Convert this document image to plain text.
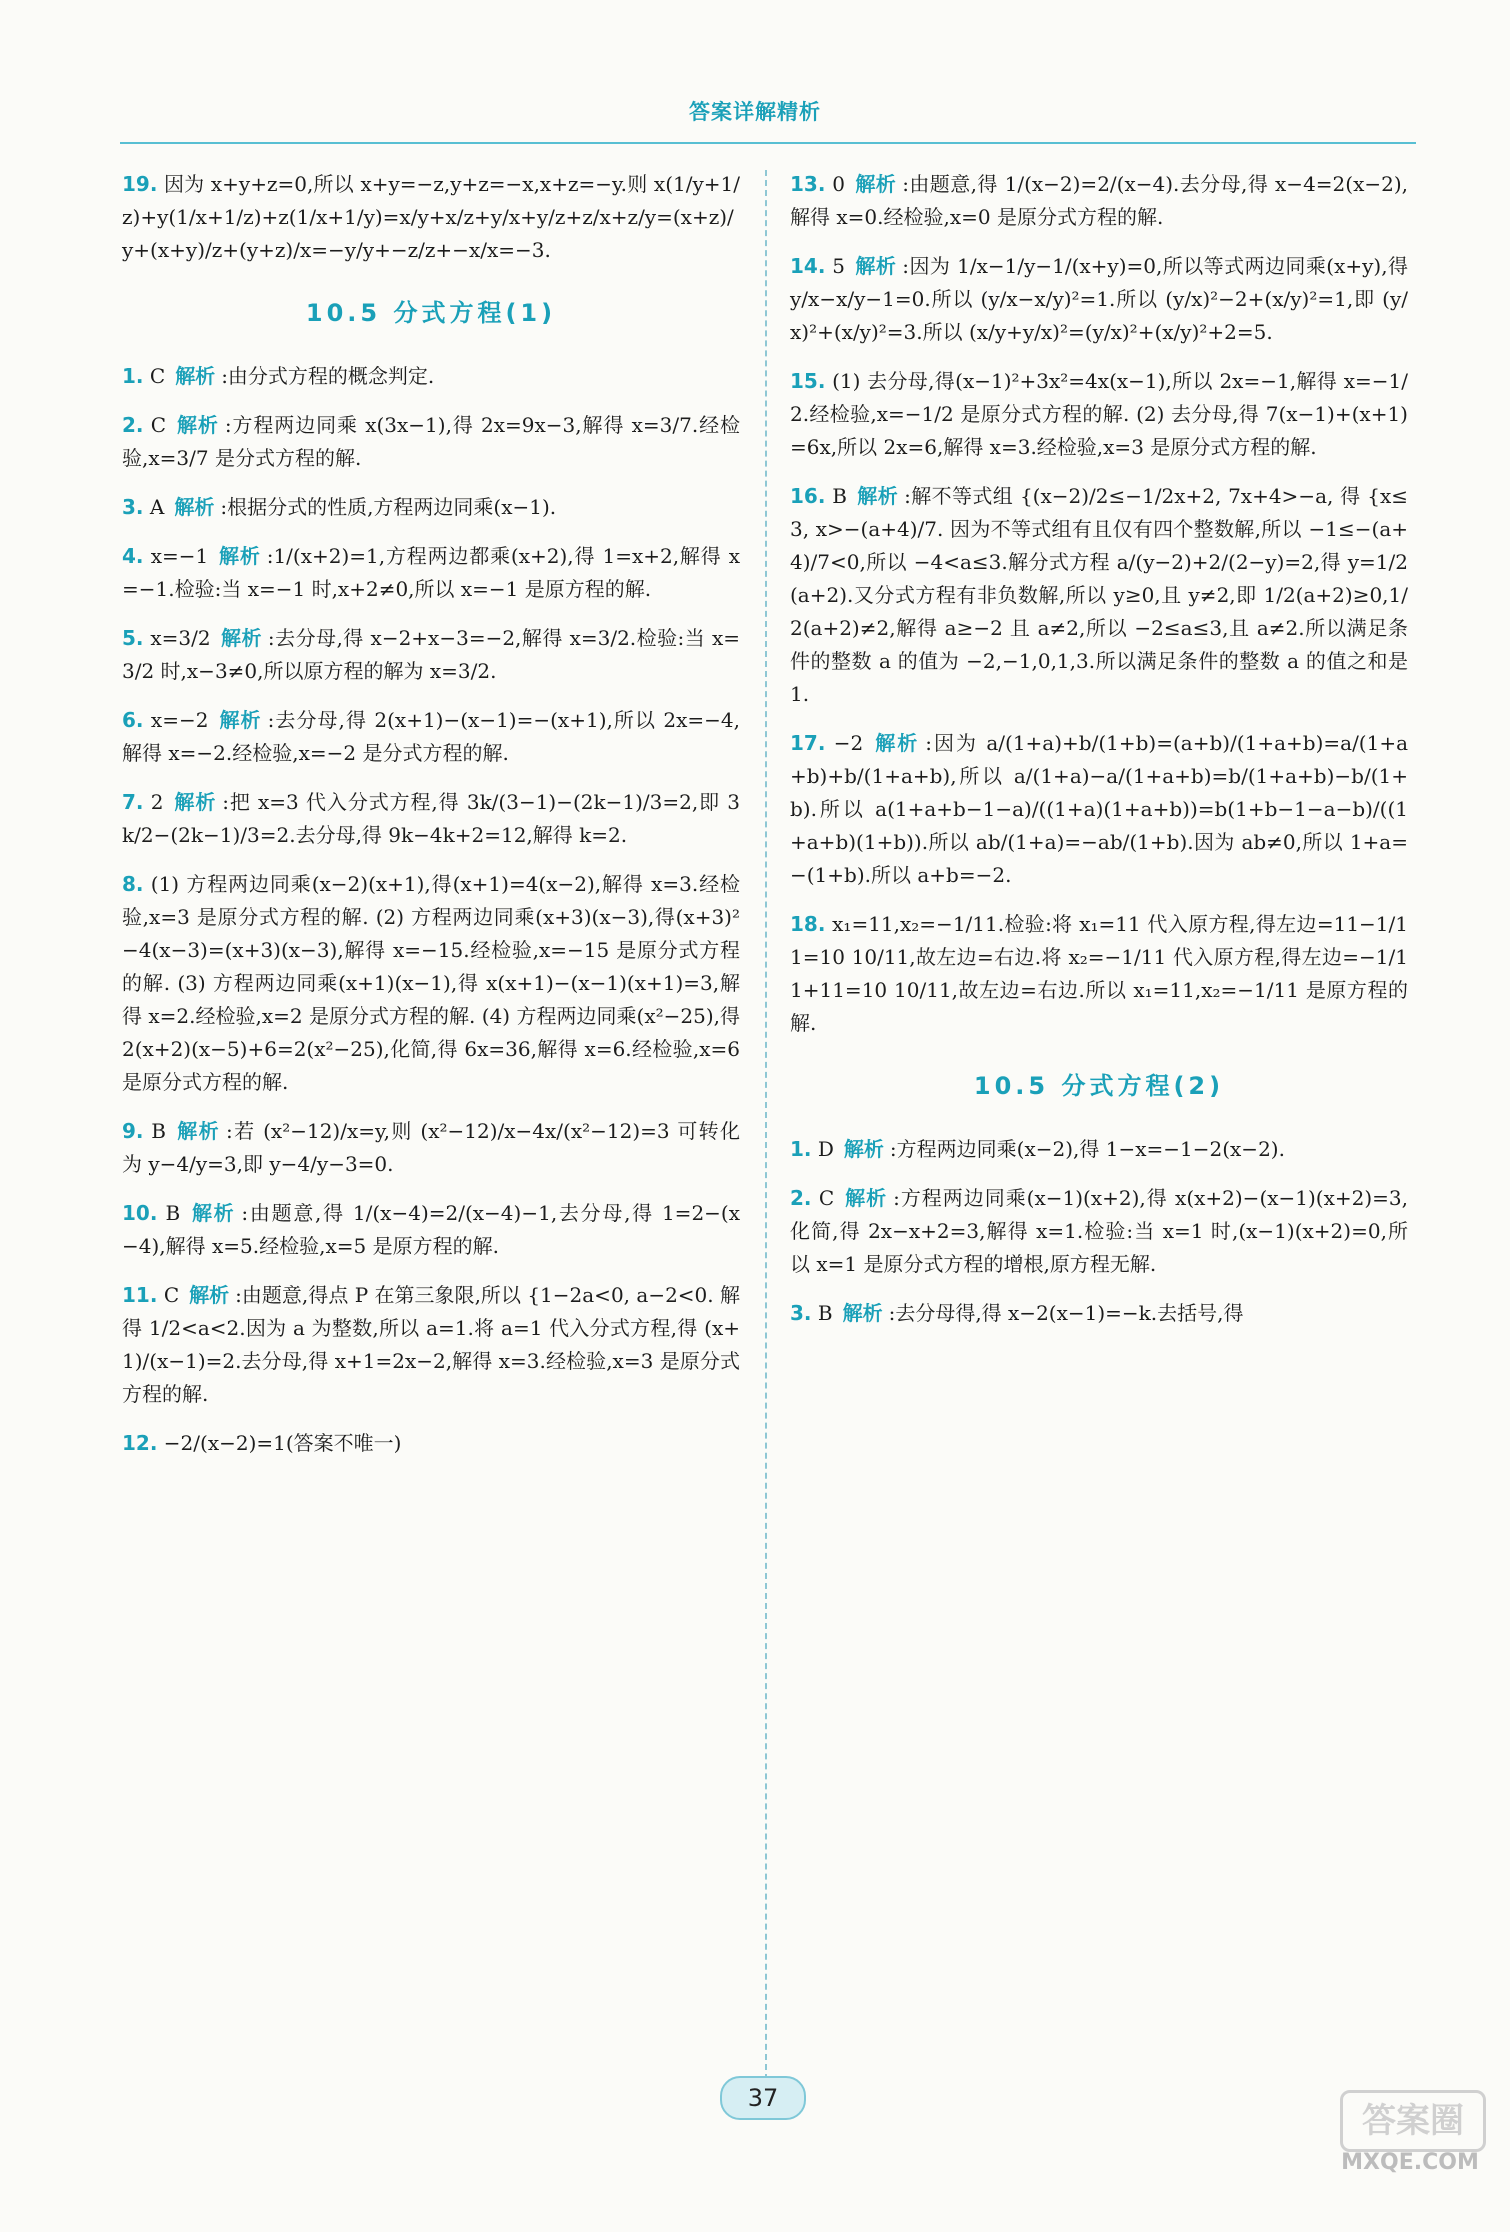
答案详解精析
19. 因为 x+y+z=0,所以 x+y=−z,y+z=−x,x+z=−y.则 x(1/y+1/z)+y(1/x+1/z)+z(1/x+1/y)=x/y+x/z+y/x+y/z+z/x+z/y=(x+z)/y+(x+y)/z+(y+z)/x=−y/y+−z/z+−x/x=−3.
10.5 分式方程(1)
1. C 解析 :由分式方程的概念判定.
2. C 解析 :方程两边同乘 x(3x−1),得 2x=9x−3,解得 x=3/7.经检验,x=3/7 是分式方程的解.
3. A 解析 :根据分式的性质,方程两边同乘(x−1).
4. x=−1 解析 :1/(x+2)=1,方程两边都乘(x+2),得 1=x+2,解得 x=−1.检验:当 x=−1 时,x+2≠0,所以 x=−1 是原方程的解.
5. x=3/2 解析 :去分母,得 x−2+x−3=−2,解得 x=3/2.检验:当 x=3/2 时,x−3≠0,所以原方程的解为 x=3/2.
6. x=−2 解析 :去分母,得 2(x+1)−(x−1)=−(x+1),所以 2x=−4,解得 x=−2.经检验,x=−2 是分式方程的解.
7. 2 解析 :把 x=3 代入分式方程,得 3k/(3−1)−(2k−1)/3=2,即 3k/2−(2k−1)/3=2.去分母,得 9k−4k+2=12,解得 k=2.
8. (1) 方程两边同乘(x−2)(x+1),得(x+1)=4(x−2),解得 x=3.经检验,x=3 是原分式方程的解. (2) 方程两边同乘(x+3)(x−3),得(x+3)²−4(x−3)=(x+3)(x−3),解得 x=−15.经检验,x=−15 是原分式方程的解. (3) 方程两边同乘(x+1)(x−1),得 x(x+1)−(x−1)(x+1)=3,解得 x=2.经检验,x=2 是原分式方程的解. (4) 方程两边同乘(x²−25),得 2(x+2)(x−5)+6=2(x²−25),化简,得 6x=36,解得 x=6.经检验,x=6 是原分式方程的解.
9. B 解析 :若 (x²−12)/x=y,则 (x²−12)/x−4x/(x²−12)=3 可转化为 y−4/y=3,即 y−4/y−3=0.
10. B 解析 :由题意,得 1/(x−4)=2/(x−4)−1,去分母,得 1=2−(x−4),解得 x=5.经检验,x=5 是原方程的解.
11. C 解析 :由题意,得点 P 在第三象限,所以 {1−2a<0, a−2<0. 解得 1/2<a<2.因为 a 为整数,所以 a=1.将 a=1 代入分式方程,得 (x+1)/(x−1)=2.去分母,得 x+1=2x−2,解得 x=3.经检验,x=3 是原分式方程的解.
12. −2/(x−2)=1(答案不唯一)
13. 0 解析 :由题意,得 1/(x−2)=2/(x−4).去分母,得 x−4=2(x−2),解得 x=0.经检验,x=0 是原分式方程的解.
14. 5 解析 :因为 1/x−1/y−1/(x+y)=0,所以等式两边同乘(x+y),得 y/x−x/y−1=0.所以 (y/x−x/y)²=1.所以 (y/x)²−2+(x/y)²=1,即 (y/x)²+(x/y)²=3.所以 (x/y+y/x)²=(y/x)²+(x/y)²+2=5.
15. (1) 去分母,得(x−1)²+3x²=4x(x−1),所以 2x=−1,解得 x=−1/2.经检验,x=−1/2 是原分式方程的解. (2) 去分母,得 7(x−1)+(x+1)=6x,所以 2x=6,解得 x=3.经检验,x=3 是原分式方程的解.
16. B 解析 :解不等式组 {(x−2)/2≤−1/2x+2, 7x+4>−a, 得 {x≤3, x>−(a+4)/7. 因为不等式组有且仅有四个整数解,所以 −1≤−(a+4)/7<0,所以 −4<a≤3.解分式方程 a/(y−2)+2/(2−y)=2,得 y=1/2(a+2).又分式方程有非负数解,所以 y≥0,且 y≠2,即 1/2(a+2)≥0,1/2(a+2)≠2,解得 a≥−2 且 a≠2,所以 −2≤a≤3,且 a≠2.所以满足条件的整数 a 的值为 −2,−1,0,1,3.所以满足条件的整数 a 的值之和是 1.
17. −2 解析 :因为 a/(1+a)+b/(1+b)=(a+b)/(1+a+b)=a/(1+a+b)+b/(1+a+b),所以 a/(1+a)−a/(1+a+b)=b/(1+a+b)−b/(1+b).所以 a(1+a+b−1−a)/((1+a)(1+a+b))=b(1+b−1−a−b)/((1+a+b)(1+b)).所以 ab/(1+a)=−ab/(1+b).因为 ab≠0,所以 1+a=−(1+b).所以 a+b=−2.
18. x₁=11,x₂=−1/11.检验:将 x₁=11 代入原方程,得左边=11−1/11=10 10/11,故左边=右边.将 x₂=−1/11 代入原方程,得左边=−1/11+11=10 10/11,故左边=右边.所以 x₁=11,x₂=−1/11 是原方程的解.
10.5 分式方程(2)
1. D 解析 :方程两边同乘(x−2),得 1−x=−1−2(x−2).
2. C 解析 :方程两边同乘(x−1)(x+2),得 x(x+2)−(x−1)(x+2)=3,化简,得 2x−x+2=3,解得 x=1.检验:当 x=1 时,(x−1)(x+2)=0,所以 x=1 是原分式方程的增根,原方程无解.
3. B 解析 :去分母得,得 x−2(x−1)=−k.去括号,得
37
答案圈
MXQE.COM
